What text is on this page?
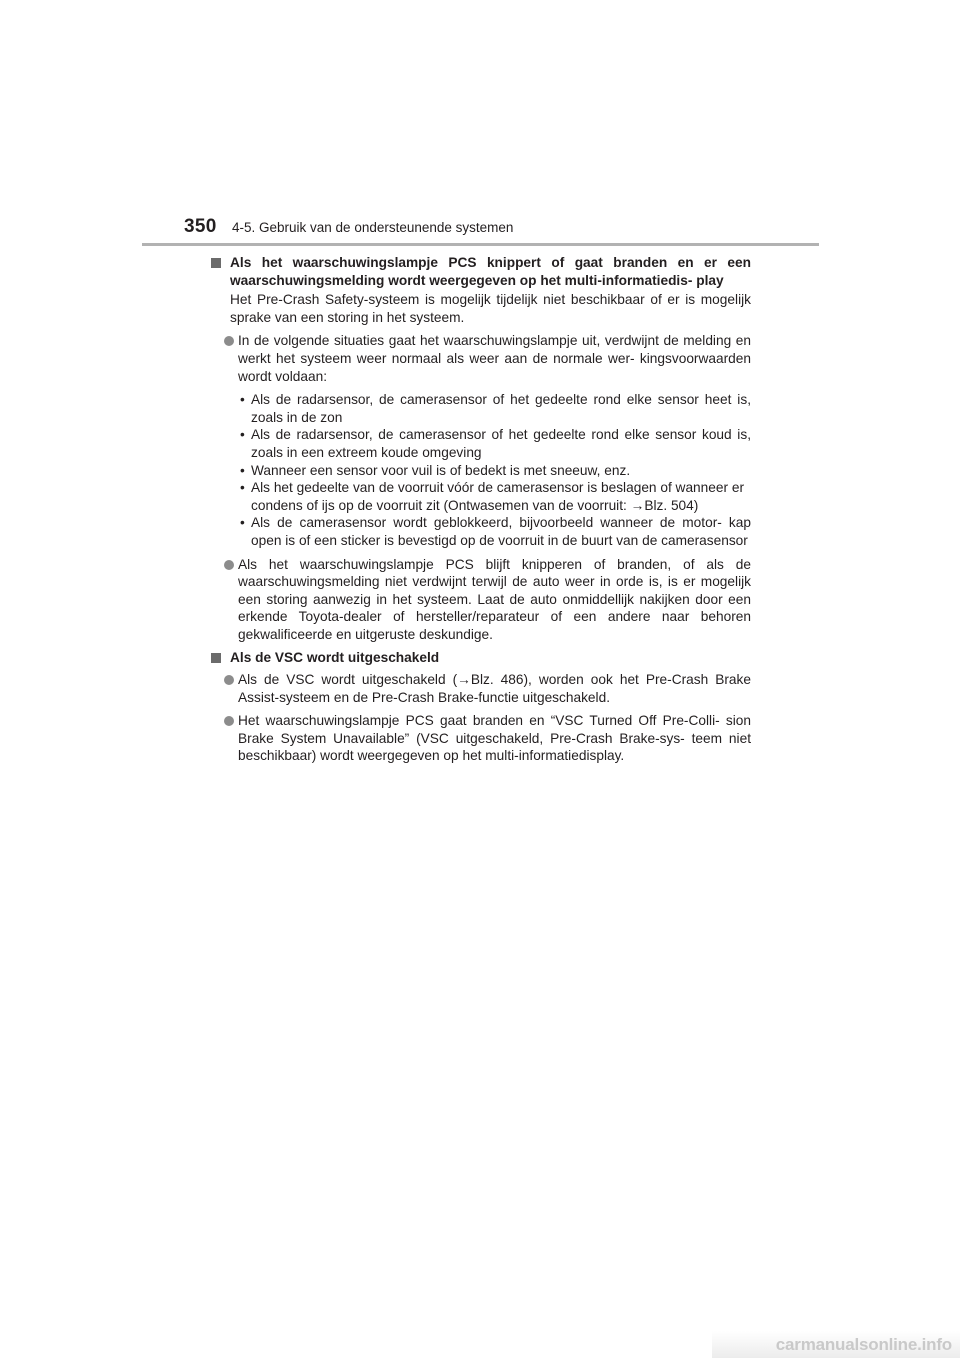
350 4-5. Gebruik van de ondersteunende systemen

Als het waarschuwingslampje PCS knippert of gaat branden en er een waarschuwingsmelding wordt weergegeven op het multi-informatiedis- play

Het Pre-Crash Safety-systeem is mogelijk tijdelijk niet beschikbaar of er is mogelijk sprake van een storing in het systeem.

In de volgende situaties gaat het waarschuwingslampje uit, verdwijnt de melding en werkt het systeem weer normaal als weer aan de normale wer- kingsvoorwaarden wordt voldaan:

• Als de radarsensor, de camerasensor of het gedeelte rond elke sensor heet is, zoals in de zon

• Als de radarsensor, de camerasensor of het gedeelte rond elke sensor koud is, zoals in een extreem koude omgeving

• Wanneer een sensor voor vuil is of bedekt is met sneeuw, enz.

• Als het gedeelte van de voorruit vóór de camerasensor is beslagen of wanneer er condens of ijs op de voorruit zit (Ontwasemen van de voorruit: →Blz. 504)

• Als de camerasensor wordt geblokkeerd, bijvoorbeeld wanneer de motor- kap open is of een sticker is bevestigd op de voorruit in de buurt van de camerasensor

Als het waarschuwingslampje PCS blijft knipperen of branden, of als de waarschuwingsmelding niet verdwijnt terwijl de auto weer in orde is, is er mogelijk een storing aanwezig in het systeem. Laat de auto onmiddellijk nakijken door een erkende Toyota-dealer of hersteller/reparateur of een andere naar behoren gekwalificeerde en uitgeruste deskundige.

Als de VSC wordt uitgeschakeld

Als de VSC wordt uitgeschakeld (→Blz. 486), worden ook het Pre-Crash Brake Assist-systeem en de Pre-Crash Brake-functie uitgeschakeld.

Het waarschuwingslampje PCS gaat branden en “VSC Turned Off Pre-Colli- sion Brake System Unavailable” (VSC uitgeschakeld, Pre-Crash Brake-sys- teem niet beschikbaar) wordt weergegeven op het multi-informatiedisplay.

carmanualsonline.info
